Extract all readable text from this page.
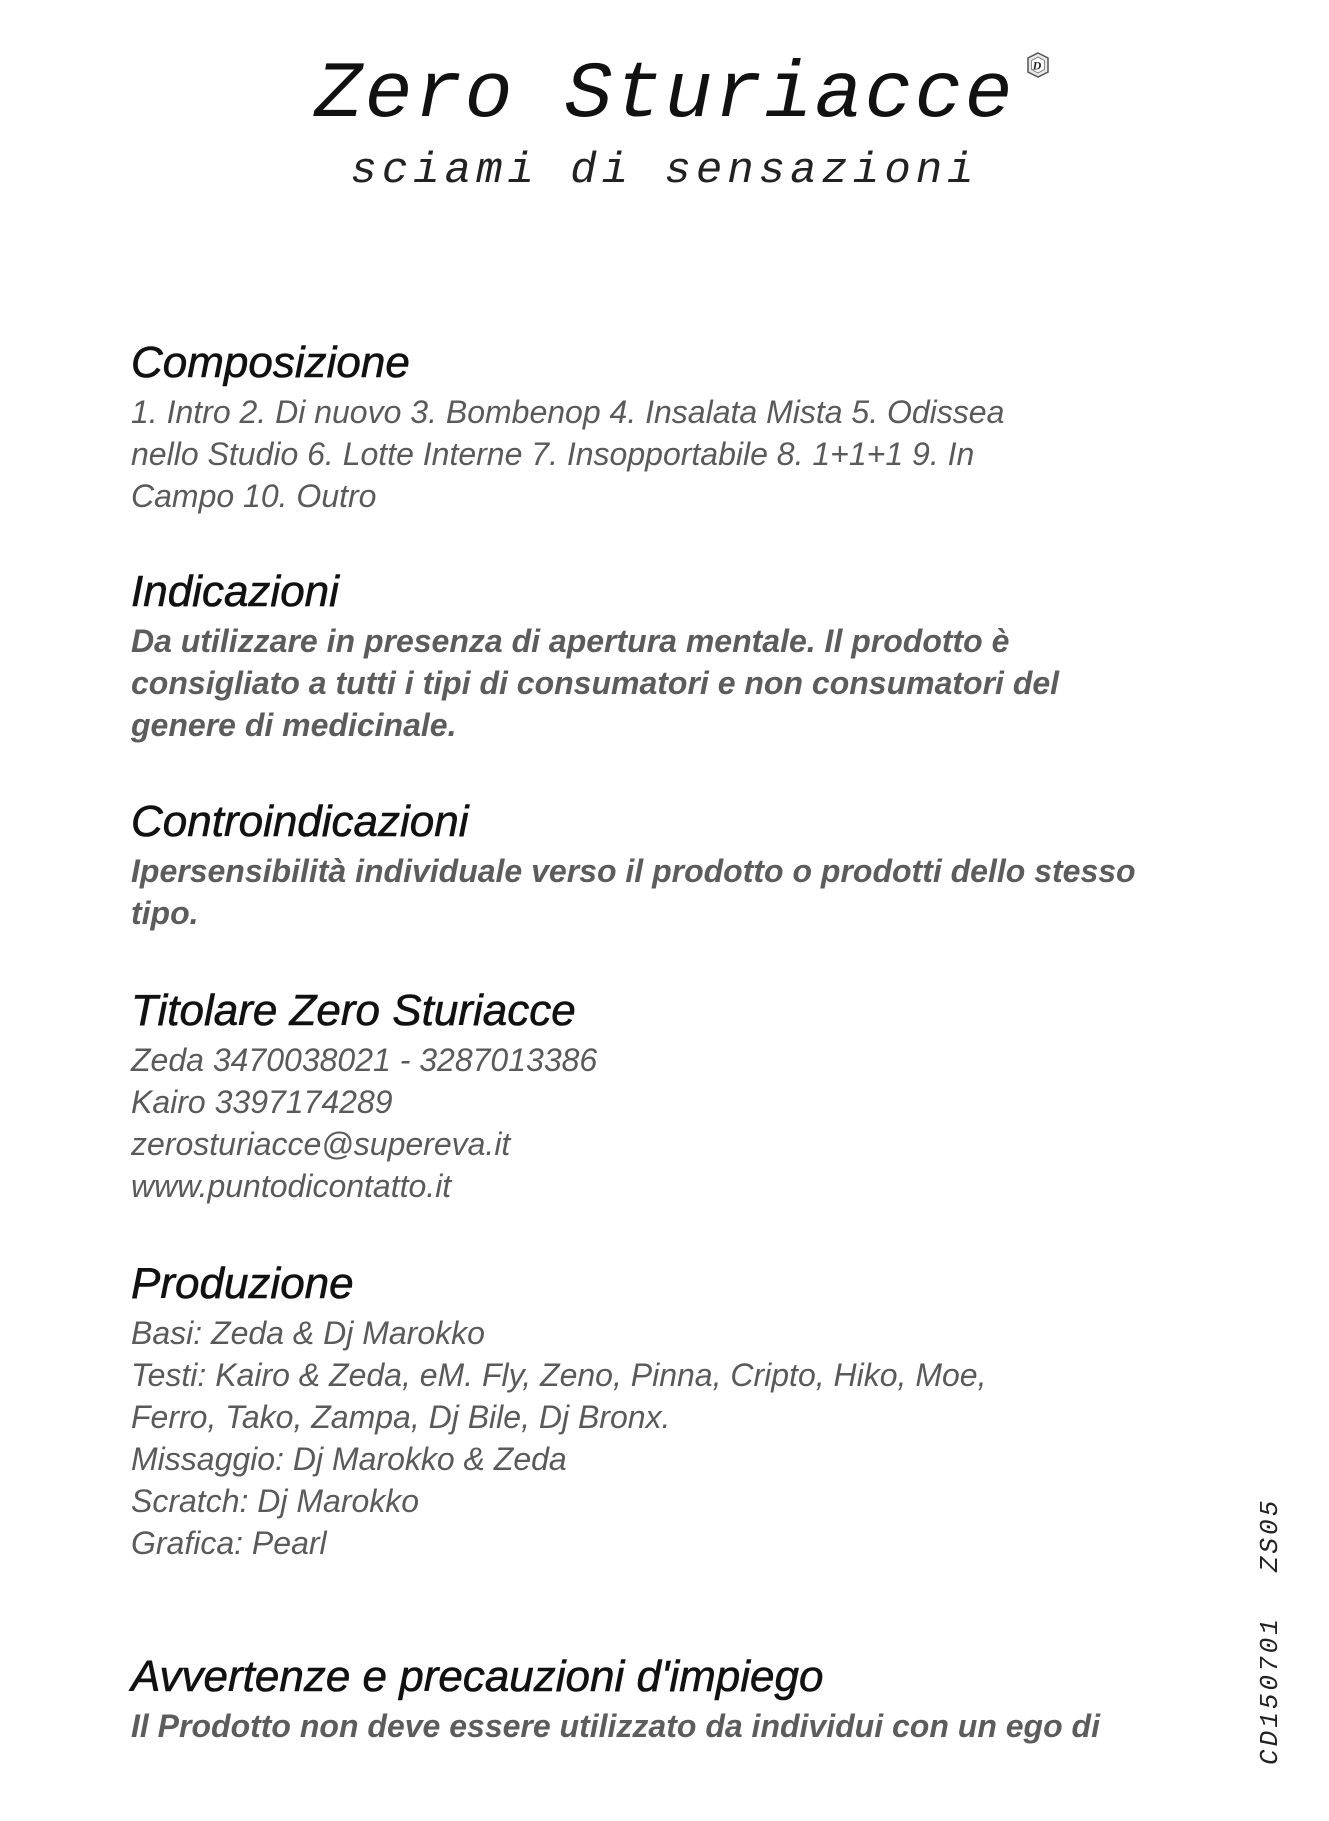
Zero Sturiacce D
sciami di sensazioni
Composizione
1. Intro 2. Di nuovo 3. Bombenop 4. Insalata Mista 5. Odissea
nello Studio 6. Lotte Interne 7. Insopportabile 8. 1+1+1 9. In
Campo 10. Outro
Indicazioni
Da utilizzare in presenza di apertura mentale. Il prodotto è
consigliato a tutti i tipi di consumatori e non consumatori del
genere di medicinale.
Controindicazioni
Ipersensibilità individuale verso il prodotto o prodotti dello stesso
tipo.
Titolare Zero Sturiacce
Zeda 3470038021 - 3287013386
Kairo 3397174289
zerosturiacce@supereva.it
www.puntodicontatto.it
Produzione
Basi: Zeda & Dj Marokko
Testi: Kairo & Zeda, eM. Fly, Zeno, Pinna, Cripto, Hiko, Moe,
Ferro, Tako, Zampa, Dj Bile, Dj Bronx.
Missaggio: Dj Marokko & Zeda
Scratch: Dj Marokko
Grafica: Pearl
Avvertenze e precauzioni d'impiego
Il Prodotto non deve essere utilizzato da individui con un ego di	CD150701ZS05
